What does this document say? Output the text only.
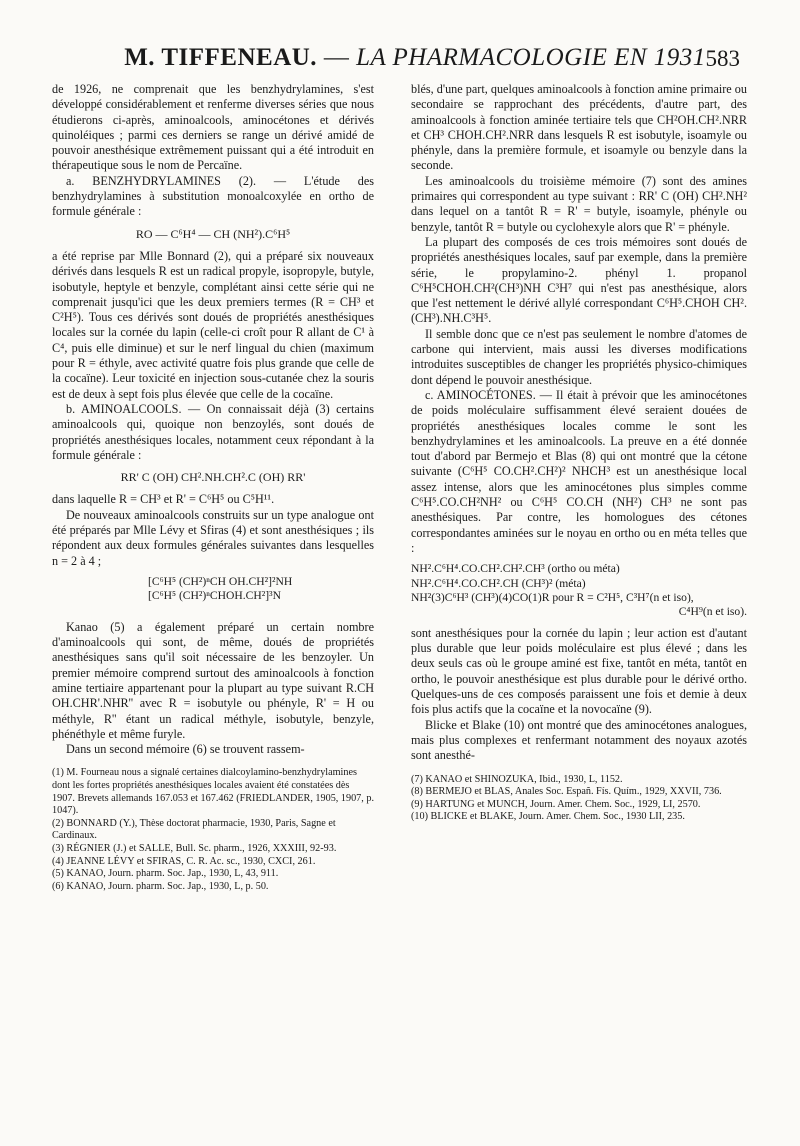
M. TIFFENEAU. — LA PHARMACOLOGIE EN 1931 583

de 1926, ne comprenait que les benzhydrylamines, s'est développé considérablement et renferme diverses séries que nous étudierons ci-après, aminoalcools, aminocétones et dérivés quinoléiques ; parmi ces derniers se range un dérivé amidé de pouvoir anesthésique extrêmement puissant qui a été introduit en thérapeutique sous le nom de Percaïne.

a. BENZHYDRYLAMINES (2). — L'étude des benzhydrylamines à substitution monoalcoxylée en ortho de formule générale :

RO — C⁶H⁴ — CH (NH²).C⁶H⁵

a été reprise par Mlle Bonnard (2), qui a préparé six nouveaux dérivés dans lesquels R est un radical propyle, isopropyle, butyle, isobutyle, heptyle et benzyle, complétant ainsi cette série qui ne comprenait jusqu'ici que les deux premiers termes (R = CH³ et C²H⁵). Tous ces dérivés sont doués de propriétés anesthésiques locales sur la cornée du lapin (celle-ci croît pour R allant de C¹ à C⁴, puis elle diminue) et sur le nerf lingual du chien (maximum pour R = éthyle, avec activité quatre fois plus grande que celle de la cocaïne). Leur toxicité en injection sous-cutanée chez la souris est de deux à sept fois plus élevée que celle de la cocaïne.

b. AMINOALCOOLS. — On connaissait déjà (3) certains aminoalcools qui, quoique non benzoylés, sont doués de propriétés anesthésiques locales, notamment ceux répondant à la formule générale :

RR' C (OH) CH².NH.CH².C (OH) RR'

dans laquelle R = CH³ et R' = C⁶H⁵ ou C⁵H¹¹.

De nouveaux aminoalcools construits sur un type analogue ont été préparés par Mlle Lévy et Sfiras (4) et sont anesthésiques ; ils répondent aux deux formules générales suivantes dans lesquelles n = 2 à 4 ;

[C⁶H⁵ (CH²)ⁿCH OH.CH²]²NH
[C⁶H⁵ (CH²)ⁿCHOH.CH²]³N

Kanao (5) a également préparé un certain nombre d'aminoalcools qui sont, de même, doués de propriétés anesthésiques sans qu'il soit nécessaire de les benzoyler. Un premier mémoire comprend surtout des aminoalcools à fonction amine tertiaire appartenant pour la plupart au type suivant R.CH OH.CHR'.NHR'' avec R = isobutyle ou phényle, R' = H ou méthyle, R'' étant un radical méthyle, isobutyle, benzyle, phénéthyle et même furyle.

Dans un second mémoire (6) se trouvent rassem-

(1) M. Fourneau nous a signalé certaines dialcoylamino-benzhydrylamines dont les fortes propriétés anesthésiques locales avaient été constatées dès 1907. Brevets allemands 167.053 et 167.462 (FRIEDLANDER, 1905, 1907, p. 1047).
(2) BONNARD (Y.), Thèse doctorat pharmacie, 1930, Paris, Sagne et Cardinaux.
(3) RÉGNIER (J.) et SALLE, Bull. Sc. pharm., 1926, XXXIII, 92-93.
(4) JEANNE LÉVY et SFIRAS, C. R. Ac. sc., 1930, CXCI, 261.
(5) KANAO, Journ. pharm. Soc. Jap., 1930, L, 43, 911.
(6) KANAO, Journ. pharm. Soc. Jap., 1930, L, p. 50.

blés, d'une part, quelques aminoalcools à fonction amine primaire ou secondaire se rapprochant des précédents, d'autre part, des aminoalcools à fonction aminée tertiaire tels que CH²OH.CH².NRR et CH³ CHOH.CH².NRR dans lesquels R est isobutyle, isoamyle ou phényle, dans la première formule, et isoamyle ou benzyle dans la seconde.

Les aminoalcools du troisième mémoire (7) sont des amines primaires qui correspondent au type suivant : RR' C (OH) CH².NH² dans lequel on a tantôt R = R' = butyle, isoamyle, phényle ou benzyle, tantôt R = butyle ou cyclohexyle alors que R' = phényle.

La plupart des composés de ces trois mémoires sont doués de propriétés anesthésiques locales, sauf par exemple, dans la première série, le propylamino-2. phényl 1. propanol C⁶H⁵CHOH.CH²(CH³)NH C³H⁷ qui n'est pas anesthésique, alors que l'est nettement le dérivé allylé correspondant C⁶H⁵.CHOH CH².(CH³).NH.C³H⁵.

Il semble donc que ce n'est pas seulement le nombre d'atomes de carbone qui intervient, mais aussi les diverses modifications introduites susceptibles de changer les propriétés physico-chimiques dont dépend le pouvoir anesthésique.

c. AMINOCÉTONES. — Il était à prévoir que les aminocétones de poids moléculaire suffisamment élevé seraient douées de propriétés anesthésiques locales comme le sont les benzhydrylamines et les aminoalcools. La preuve en a été donnée tout d'abord par Bermejo et Blas (8) qui ont montré que la cétone suivante (C⁶H⁵ CO.CH².CH²)² NHCH³ est un anesthésique local assez intense, alors que les aminocétones plus simples comme C⁶H⁵.CO.CH²NH² ou C⁶H⁵ CO.CH (NH²) CH³ ne sont pas anesthésiques. Par contre, les homologues des cétones correspondantes aminées sur le noyau en ortho ou en méta telles que :

NH².C⁶H⁴.CO.CH².CH².CH³ (ortho ou méta)
NH².C⁶H⁴.CO.CH².CH (CH³)² (méta)
NH²(3)C⁶H³ (CH³)(4)CO(1)R pour R = C²H⁵, C³H⁷(n et iso),
C⁴H⁹(n et iso).

sont anesthésiques pour la cornée du lapin ; leur action est d'autant plus durable que leur poids moléculaire est plus élevé ; dans les deux seuls cas où le groupe aminé est fixe, tantôt en méta, tantôt en ortho, le pouvoir anesthésique est plus durable pour le dérivé ortho. Quelques-uns de ces composés paraissent une fois et demie à deux fois plus actifs que la cocaïne et la novocaïne (9).

Blicke et Blake (10) ont montré que des aminocétones analogues, mais plus complexes et renfermant notamment des noyaux azotés sont anesthé-

(7) KANAO et SHINOZUKA, Ibid., 1930, L, 1152.
(8) BERMEJO et BLAS, Anales Soc. Españ. Fís. Quím., 1929, XXVII, 736.
(9) HARTUNG et MUNCH, Journ. Amer. Chem. Soc., 1929, LI, 2570.
(10) BLICKE et BLAKE, Journ. Amer. Chem. Soc., 1930 LII, 235.
